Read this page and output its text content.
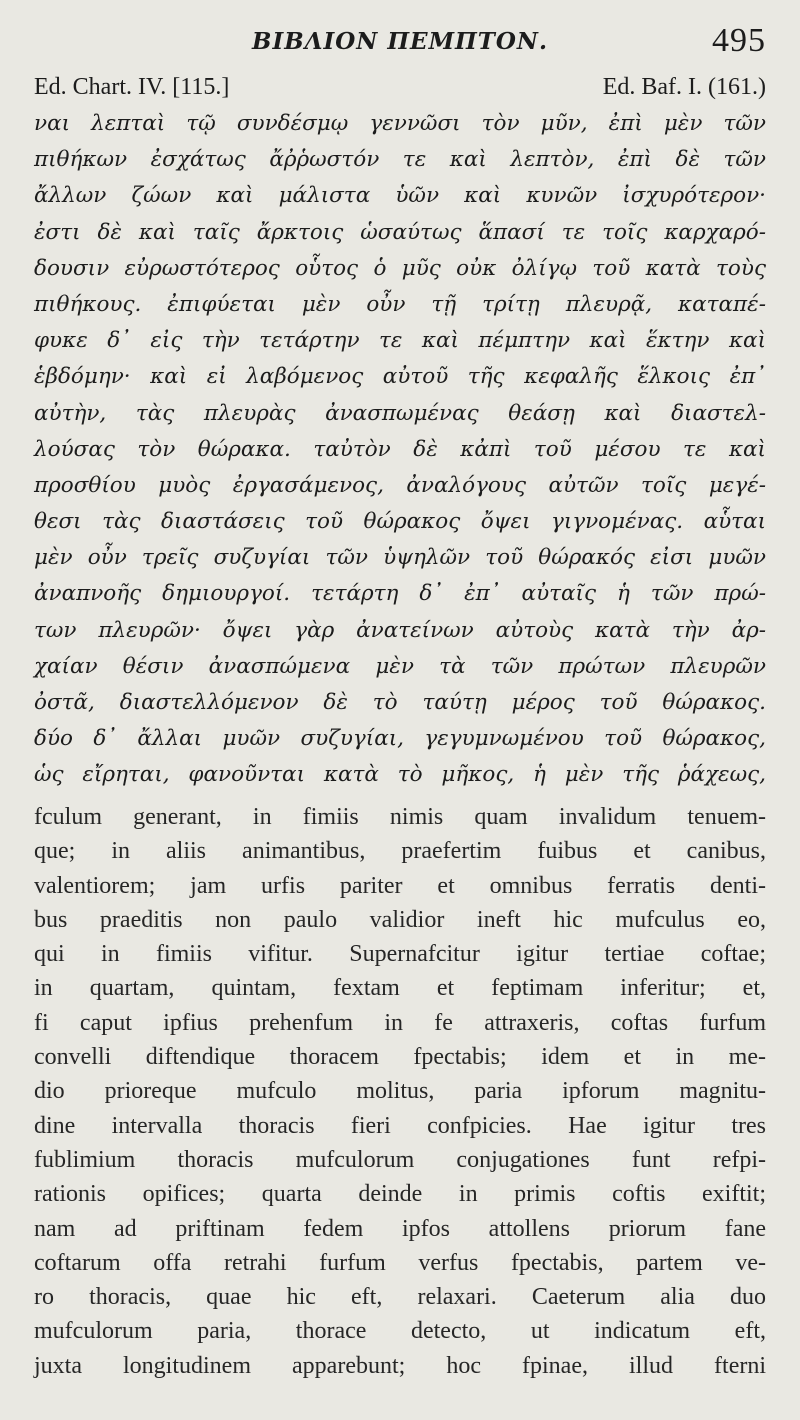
ΒΙΒΛΙΟΝ ΠΕΜΠΤΟΝ.	495
Ed. Chart. IV. [115.]	Ed. Baf. I. (161.)
ναι λεπταὶ τῷ συνδέσμῳ γεννῶσι τὸν μῦν, ἐπὶ μὲν τῶν
πιθήκων ἐσχάτως ἄῤῥωστόν τε καὶ λεπτὸν, ἐπὶ δὲ τῶν
ἄλλων ζώων καὶ μάλιστα ὑῶν καὶ κυνῶν ἰσχυρότερον·
ἐστι δὲ καὶ ταῖς ἄρκτοις ὡσαύτως ἅπασί τε τοῖς καρχαρό-
δουσιν εὐρωστότερος οὗτος ὁ μῦς οὐκ ὀλίγῳ τοῦ κατὰ τοὺς
πιθήκους. ἐπιφύεται μὲν οὖν τῇ τρίτῃ πλευρᾷ, καταπέ-
φυκε δ᾽ εἰς τὴν τετάρτην τε καὶ πέμπτην καὶ ἕκτην καὶ
ἑβδόμην· καὶ εἰ λαβόμενος αὐτοῦ τῆς κεφαλῆς ἕλκοις ἐπ᾽
αὐτὴν, τὰς πλευρὰς ἀνασπωμένας θεάσῃ καὶ διαστελ-
λούσας τὸν θώρακα. ταὐτὸν δὲ κἀπὶ τοῦ μέσου τε καὶ
προσθίου μυὸς ἐργασάμενος, ἀναλόγους αὐτῶν τοῖς μεγέ-
θεσι τὰς διαστάσεις τοῦ θώρακος ὄψει γιγνομένας. αὗται
μὲν οὖν τρεῖς συζυγίαι τῶν ὑψηλῶν τοῦ θώρακός εἰσι μυῶν
ἀναπνοῆς δημιουργοί. τετάρτη δ᾽ ἐπ᾽ αὐταῖς ἡ τῶν πρώ-
των πλευρῶν· ὄψει γὰρ ἀνατείνων αὐτοὺς κατὰ τὴν ἀρ-
χαίαν θέσιν ἀνασπώμενα μὲν τὰ τῶν πρώτων πλευρῶν
ὀστᾶ, διαστελλόμενον δὲ τὸ ταύτῃ μέρος τοῦ θώρακος.
δύο δ᾽ ἄλλαι μυῶν συζυγίαι, γεγυμνωμένου τοῦ θώρακος,
ὡς εἴρηται, φανοῦνται κατὰ τὸ μῆκος, ἡ μὲν τῆς ῥάχεως,
fculum generant, in fimiis nimis quam invalidum tenuem-
que; in aliis animantibus, praefertim fuibus et canibus,
valentiorem; jam urfis pariter et omnibus ferratis denti-
bus praeditis non paulo validior ineft hic mufculus eo,
qui in fimiis vifitur. Supernafcitur igitur tertiae coftae;
in quartam, quintam, fextam et feptimam inferitur; et,
fi caput ipfius prehenfum in fe attraxeris, coftas furfum
convelli diftendique thoracem fpectabis; idem et in me-
dio prioreque mufculo molitus, paria ipforum magnitu-
dine intervalla thoracis fieri confpicies. Hae igitur tres
fublimium thoracis mufculorum conjugationes funt refpi-
rationis opifices; quarta deinde in primis coftis exiftit;
nam ad priftinam fedem ipfos attollens priorum fane
coftarum offa retrahi furfum verfus fpectabis, partem ve-
ro thoracis, quae hic eft, relaxari. Caeterum alia duo
mufculorum paria, thorace detecto, ut indicatum eft,
juxta longitudinem apparebunt; hoc fpinae, illud fterni
